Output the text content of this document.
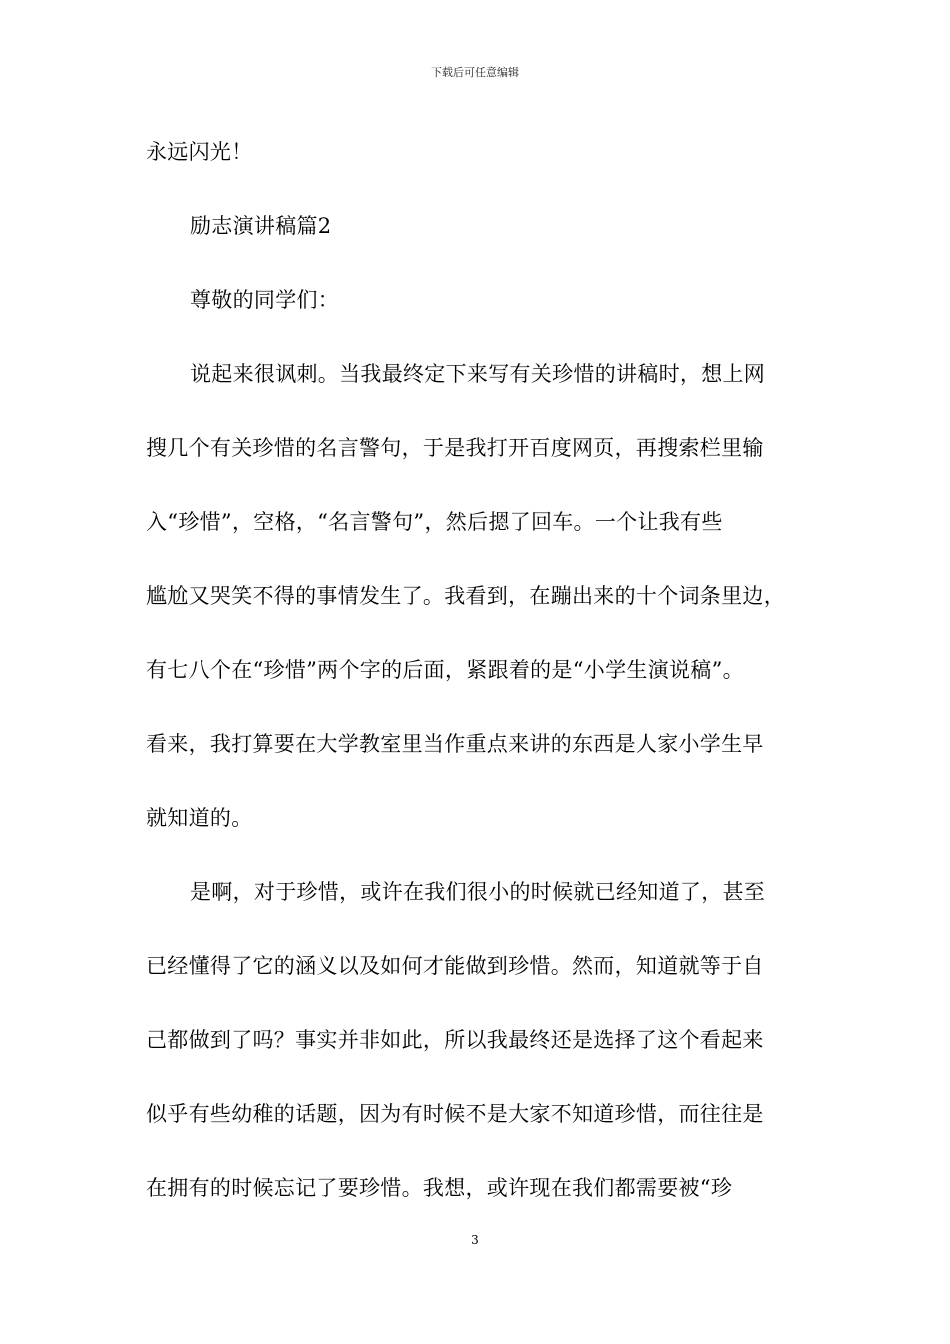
下载后可任意编辑
永远闪光！
励志演讲稿篇2
尊敬的同学们：
说起来很讽刺。当我最终定下来写有关珍惜的讲稿时，想上网
搜几个有关珍惜的名言警句，于是我打开百度网页，再搜索栏里输
入“珍惜”，空格，“名言警句”，然后摁了回车。一个让我有些
尴尬又哭笑不得的事情发生了。我看到，在蹦出来的十个词条里边，
有七八个在“珍惜”两个字的后面，紧跟着的是“小学生演说稿”。
看来，我打算要在大学教室里当作重点来讲的东西是人家小学生早
就知道的。
是啊，对于珍惜，或许在我们很小的时候就已经知道了，甚至
已经懂得了它的涵义以及如何才能做到珍惜。然而，知道就等于自
己都做到了吗？事实并非如此，所以我最终还是选择了这个看起来
似乎有些幼稚的话题，因为有时候不是大家不知道珍惜，而往往是
在拥有的时候忘记了要珍惜。我想，或许现在我们都需要被“珍
3
